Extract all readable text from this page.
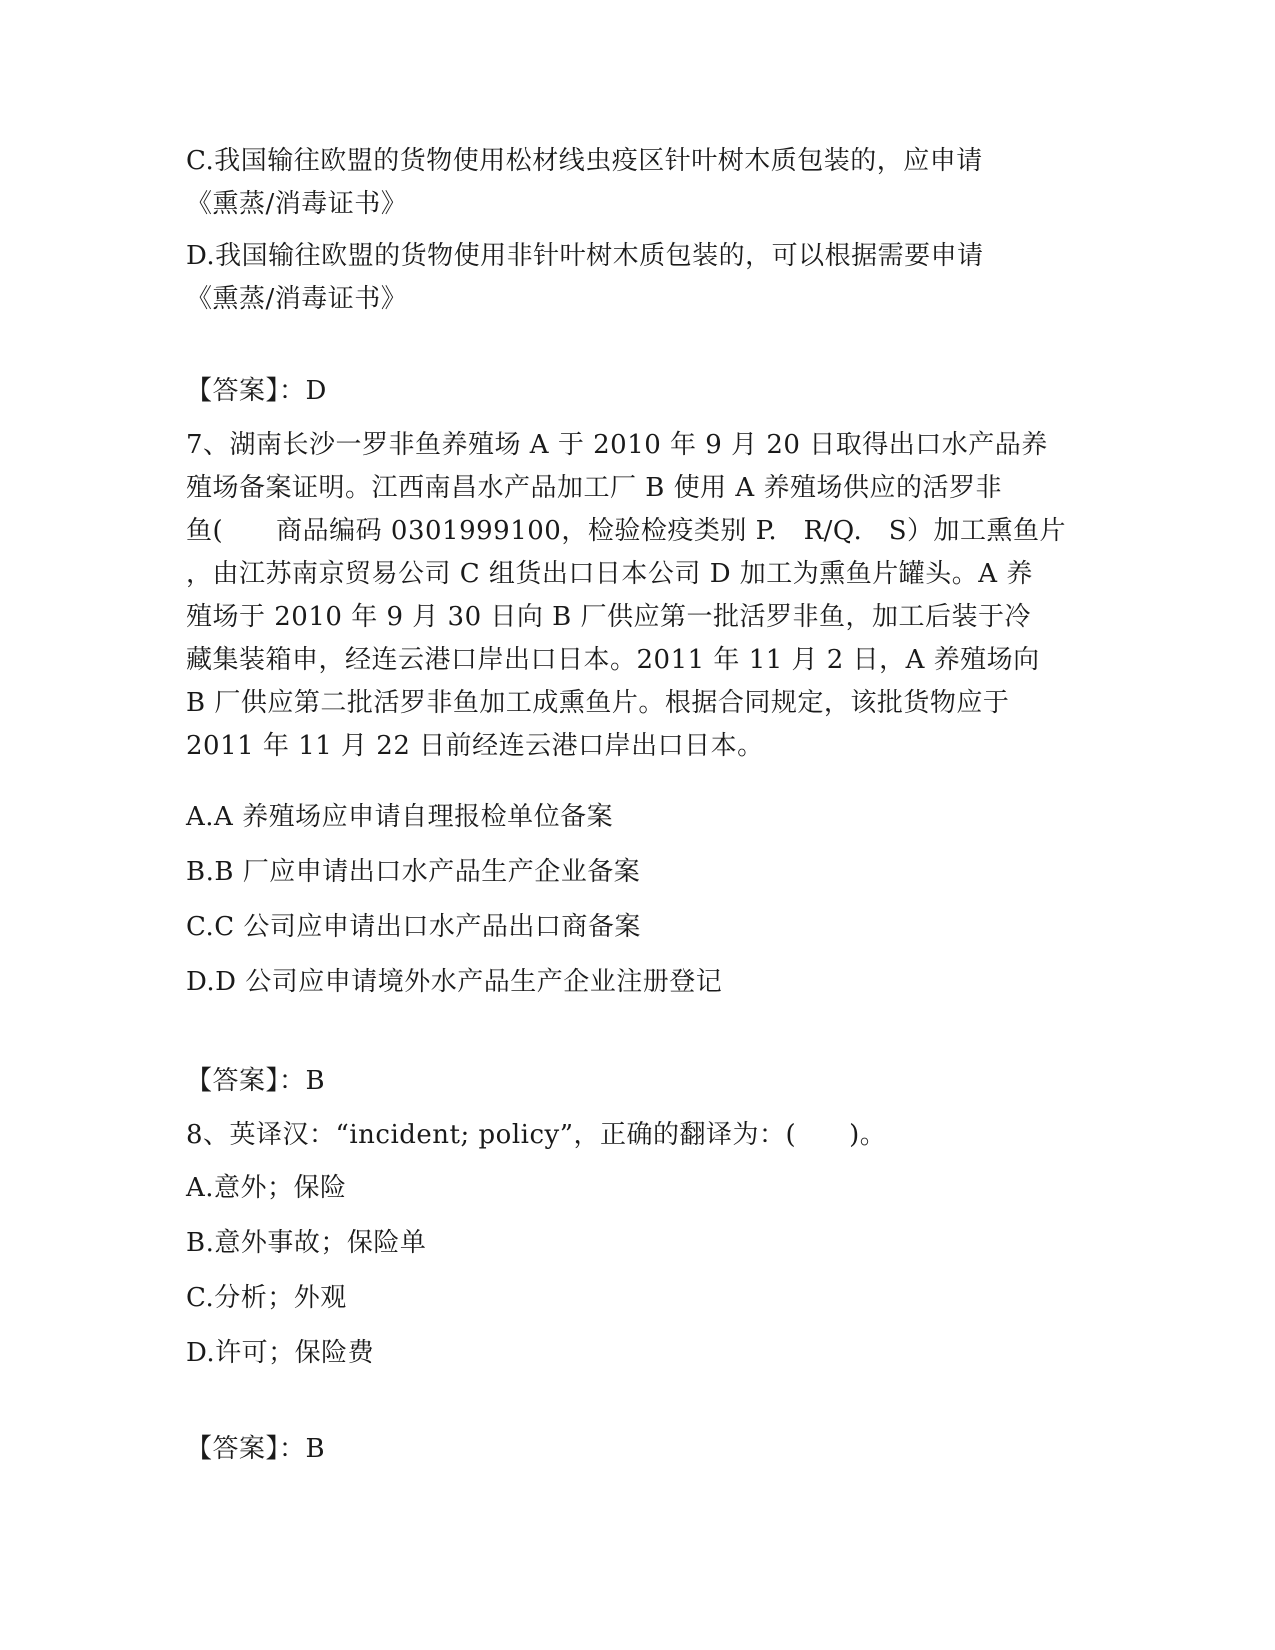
C.我国输往欧盟的货物使用松材线虫疫区针叶树木质包装的，应申请

《熏蒸/消毒证书》

D.我国输往欧盟的货物使用非针叶树木质包装的，可以根据需要申请

《熏蒸/消毒证书》

【答案】：D

7、湖南长沙一罗非鱼养殖场 A 于 2010 年 9 月 20 日取得出口水产品养

殖场备案证明。江西南昌水产品加工厂 B 使用 A 养殖场供应的活罗非

鱼(　　商品编码 0301999100，检验检疫类别 P.　R/Q.　S）加工熏鱼片

，由江苏南京贸易公司 C 组货出口日本公司 D 加工为熏鱼片罐头。A 养

殖场于 2010 年 9 月 30 日向 B 厂供应第一批活罗非鱼，加工后装于冷

藏集装箱申，经连云港口岸出口日本。2011 年 11 月 2 日，A 养殖场向

B 厂供应第二批活罗非鱼加工成熏鱼片。根据合同规定，该批货物应于

2011 年 11 月 22 日前经连云港口岸出口日本。

A.A 养殖场应申请自理报检单位备案

B.B 厂应申请出口水产品生产企业备案

C.C 公司应申请出口水产品出口商备案

D.D 公司应申请境外水产品生产企业注册登记

【答案】：B

8、英译汉：“incident; policy”，正确的翻译为：(　　)。

A.意外；保险

B.意外事故；保险单

C.分析；外观

D.许可；保险费

【答案】：B
